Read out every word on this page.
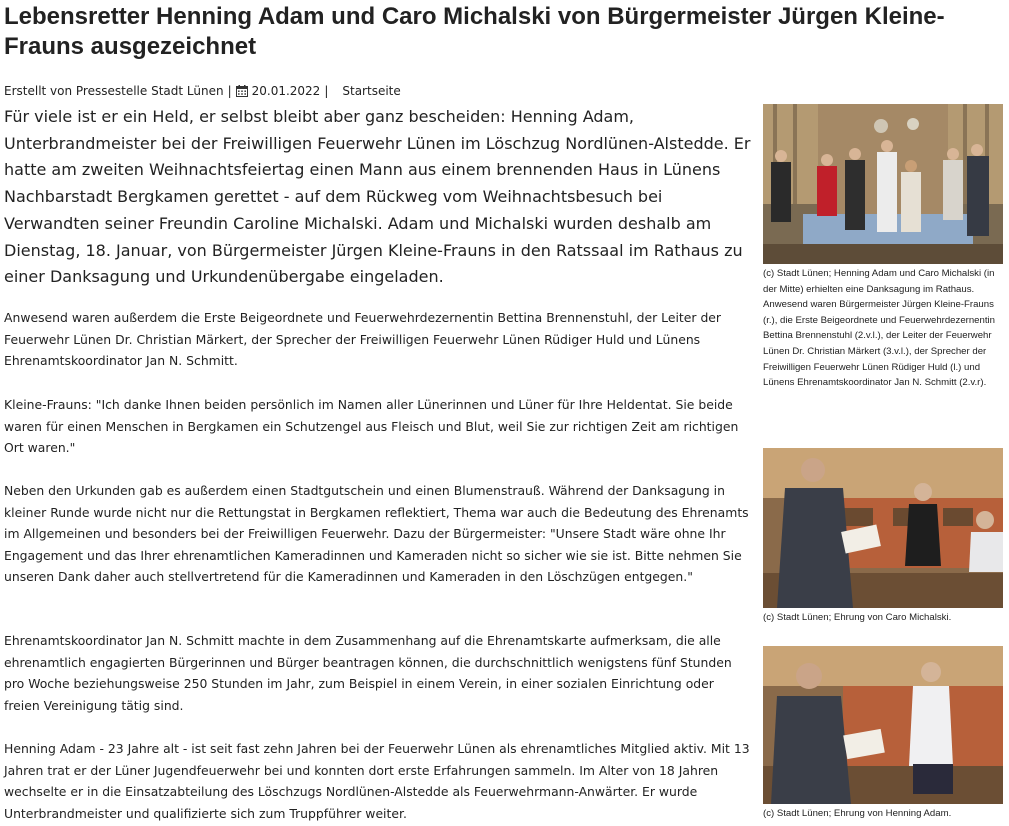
Lebensretter Henning Adam und Caro Michalski von Bürgermeister Jürgen Kleine-Frauns ausgezeichnet
Erstellt von Pressestelle Stadt Lünen | 20.01.2022 | Startseite

Für viele ist er ein Held, er selbst bleibt aber ganz bescheiden: Henning Adam, Unterbrandmeister bei der Freiwilligen Feuerwehr Lünen im Löschzug Nordlünen-Alstedde. Er hatte am zweiten Weihnachtsfeiertag einen Mann aus einem brennenden Haus in Lünens Nachbarstadt Bergkamen gerettet - auf dem Rückweg vom Weihnachtsbesuch bei Verwandten seiner Freundin Caroline Michalski. Adam und Michalski wurden deshalb am Dienstag, 18. Januar, von Bürgermeister Jürgen Kleine-Frauns in den Ratssaal im Rathaus zu einer Danksagung und Urkundenübergabe eingeladen.

Anwesend waren außerdem die Erste Beigeordnete und Feuerwehrdezernentin Bettina Brennenstuhl, der Leiter der Feuerwehr Lünen Dr. Christian Märkert, der Sprecher der Freiwilligen Feuerwehr Lünen Rüdiger Huld und Lünens Ehrenamtskoordinator Jan N. Schmitt.

Kleine-Frauns: "Ich danke Ihnen beiden persönlich im Namen aller Lünerinnen und Lüner für Ihre Heldentat. Sie beide waren für einen Menschen in Bergkamen ein Schutzengel aus Fleisch und Blut, weil Sie zur richtigen Zeit am richtigen Ort waren."

Neben den Urkunden gab es außerdem einen Stadtgutschein und einen Blumenstrauß. Während der Danksagung in kleiner Runde wurde nicht nur die Rettungstat in Bergkamen reflektiert, Thema war auch die Bedeutung des Ehrenamts im Allgemeinen und besonders bei der Freiwilligen Feuerwehr. Dazu der Bürgermeister: "Unsere Stadt wäre ohne Ihr Engagement und das Ihrer ehrenamtlichen Kameradinnen und Kameraden nicht so sicher wie sie ist. Bitte nehmen Sie unseren Dank daher auch stellvertretend für die Kameradinnen und Kameraden in den Löschzügen entgegen."

Ehrenamtskoordinator Jan N. Schmitt machte in dem Zusammenhang auf die Ehrenamtskarte aufmerksam, die alle ehrenamtlich engagierten Bürgerinnen und Bürger beantragen können, die durchschnittlich wenigstens fünf Stunden pro Woche beziehungsweise 250 Stunden im Jahr, zum Beispiel in einem Verein, in einer sozialen Einrichtung oder freien Vereinigung tätig sind.

Henning Adam - 23 Jahre alt - ist seit fast zehn Jahren bei der Feuerwehr Lünen als ehrenamtliches Mitglied aktiv. Mit 13 Jahren trat er der Lüner Jugendfeuerwehr bei und konnten dort erste Erfahrungen sammeln. Im Alter von 18 Jahren wechselte er in die Einsatzabteilung des Löschzugs Nordlünen-Alstedde als Feuerwehrmann-Anwärter. Er wurde Unterbrandmeister und qualifizierte sich zum Truppführer weiter.

(c) Stadt Lünen; Henning Adam und Caro Michalski (in der Mitte) erhielten eine Danksagung im Rathaus. Anwesend waren Bürgermeister Jürgen Kleine-Frauns (r.), die Erste Beigeordnete und Feuerwehrdezernentin Bettina Brennenstuhl (2.v.l.), der Leiter der Feuerwehr Lünen Dr. Christian Märkert (3.v.l.), der Sprecher der Freiwilligen Feuerwehr Lünen Rüdiger Huld (l.) und Lünens Ehrenamtskoordinator Jan N. Schmitt (2.v.r).

(c) Stadt Lünen; Ehrung von Caro Michalski.

(c) Stadt Lünen; Ehrung von Henning Adam.
